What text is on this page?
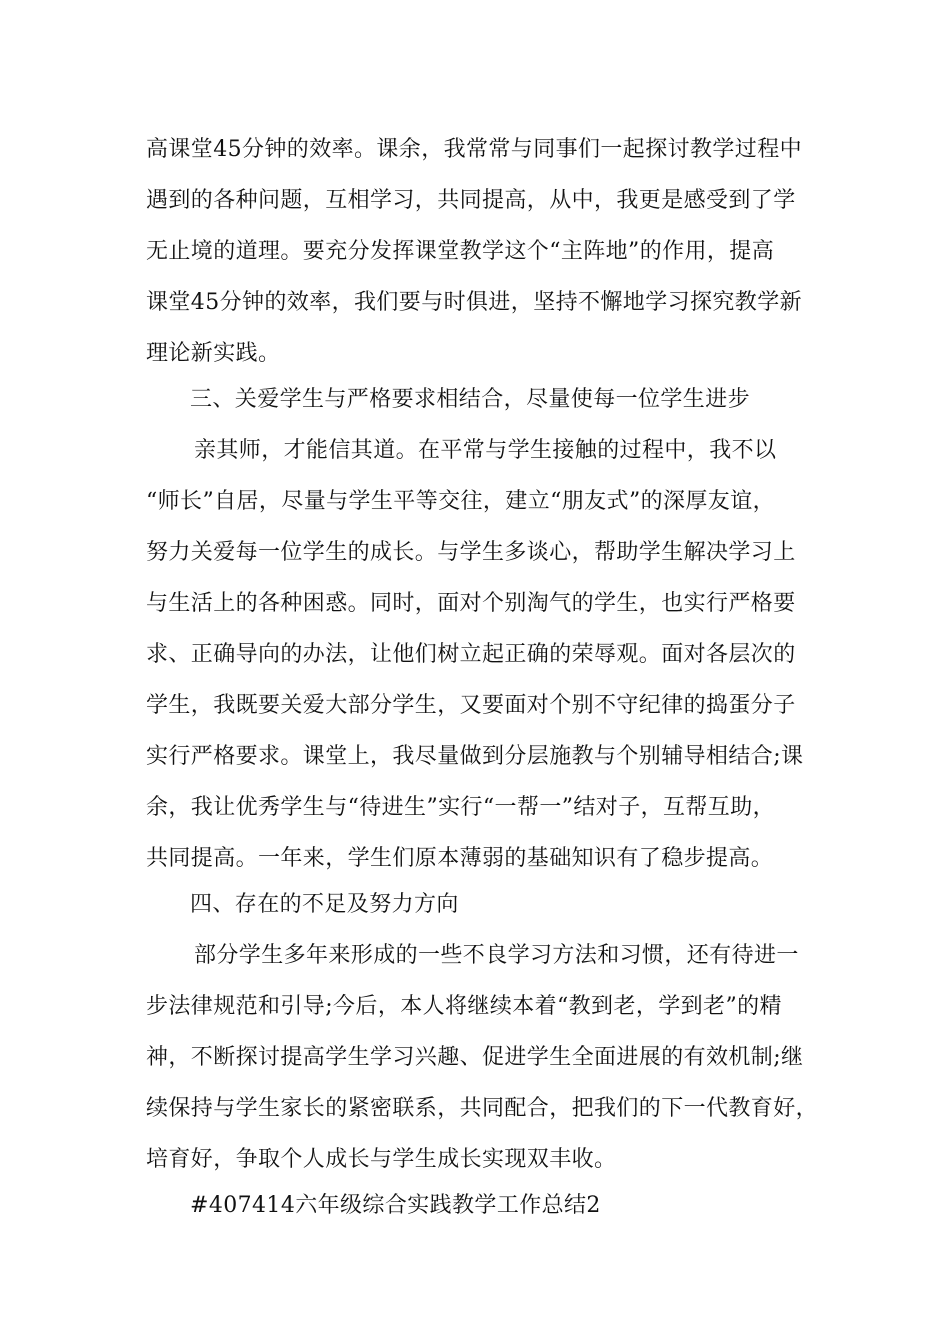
高课堂45分钟的效率。课余，我常常与同事们一起探讨教学过程中
遇到的各种问题，互相学习，共同提高，从中，我更是感受到了学
无止境的道理。要充分发挥课堂教学这个“主阵地”的作用，提高
课堂45分钟的效率，我们要与时俱进，坚持不懈地学习探究教学新
理论新实践。
三、关爱学生与严格要求相结合，尽量使每一位学生进步
亲其师，才能信其道。在平常与学生接触的过程中，我不以
“师长”自居，尽量与学生平等交往，建立“朋友式”的深厚友谊，
努力关爱每一位学生的成长。与学生多谈心，帮助学生解决学习上
与生活上的各种困惑。同时，面对个别淘气的学生，也实行严格要
求、正确导向的办法，让他们树立起正确的荣辱观。面对各层次的
学生，我既要关爱大部分学生，又要面对个别不守纪律的捣蛋分子
实行严格要求。课堂上，我尽量做到分层施教与个别辅导相结合;课
余，我让优秀学生与“待进生”实行“一帮一”结对子，互帮互助，
共同提高。一年来，学生们原本薄弱的基础知识有了稳步提高。
四、存在的不足及努力方向
部分学生多年来形成的一些不良学习方法和习惯，还有待进一
步法律规范和引导;今后，本人将继续本着“教到老，学到老”的精
神，不断探讨提高学生学习兴趣、促进学生全面进展的有效机制;继
续保持与学生家长的紧密联系，共同配合，把我们的下一代教育好，
培育好，争取个人成长与学生成长实现双丰收。
#407414六年级综合实践教学工作总结2
